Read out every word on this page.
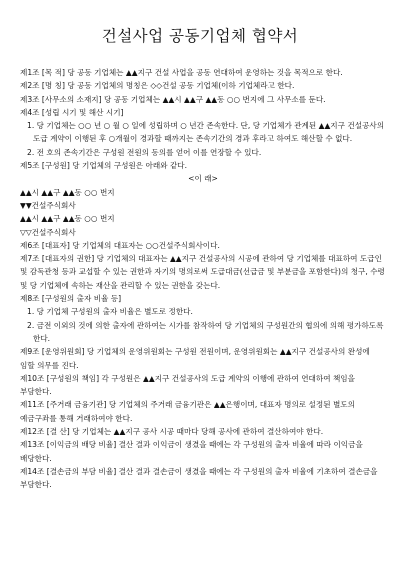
건설사업 공동기업체 협약서

제1조 [목 적] 당 공동 기업체는 ▲▲지구 건설 사업을 공동 연대하여 운영하는 것을 목적으로 한다.

제2조 [명 칭] 당 공동 기업체의 명칭은 ◇◇건설 공동 기업체(이하 기업체라고 한다.

제3조 [사무소의 소재지] 당 공동 기업체는 ▲▲시 ▲▲구 ▲▲동 ○○ 번지에 그 사무소를 둔다.

제4조 [성립 시기 및 해산 시기]

1. 당 기업체는 ○○ 년 ○ 월 ○ 일에 성립하며 ○ 년간 존속한다. 단, 당 기업체가 관계된 ▲▲지구 건설공사의 도급 계약이 이행된 후 ○개월이 경과할 때까지는 존속기간의 경과 후라고 하여도 해산할 수 없다.

2. 전 호의 존속기간은 구성원 전원의 동의를 얻어 이를 연장할 수 있다.

제5조 [구성원] 당 기업체의 구성원은 아래와 같다.

<이 래>

▲▲시 ▲▲구 ▲▲동 ○○ 번지

▼▼건설주식회사

▲▲시 ▲▲구 ▲▲동 ○○ 번지

▽▽건설주식회사

제6조 [대표자] 당 기업체의 대표자는 ○○건설주식회사이다.

제7조 [대표자의 권한] 당 기업체의 대표자는 ▲▲지구 건설공사의 시공에 관하여 당 기업체를 대표하여 도급인 및 감독관청 등과 교섭할 수 있는 권한과 자기의 명의로써 도급대금(선급금 및 부분금을 포함한다)의 청구, 수령 및 당 기업체에 속하는 재산을 관리할 수 있는 권한을 갖는다.

제8조 [구성원의 출자 비율 등]

1. 당 기업체 구성원의 출자 비율은 별도로 정한다.

2. 금전 이외의 것에 의한 출자에 관하여는 시가를 참작하여 당 기업체의 구성원간의 협의에 의해 평가하도록 한다.

제9조 [운영위원회] 당 기업체의 운영위원회는 구성원 전원이며, 운영위원회는 ▲▲지구 건설공사의 완성에 임할 의무를 진다.

제10조 [구성원의 책임] 각 구성원은 ▲▲지구 건설공사의 도급 계약의 이행에 관하여 연대하여 책임을 부담한다.

제11조 [주거래 금융기관] 당 기업체의 주거래 금융기관은 ▲▲은행이며, 대표자 명의로 설정된 별도의 예금구좌를 통해 거래하여야 한다.

제12조 [결 산] 당 기업체는 ▲▲지구 공사 시공 때마다 당해 공사에 관하여 결산하여야 한다.

제13조 [이익금의 배당 비율] 결산 결과 이익금이 생겼을 때에는 각 구성원의 출자 비율에 따라 이익금을 배당한다.

제14조 [결손금의 부담 비율] 결산 결과 결손금이 생겼을 때에는 각 구성원의 출자 비율에 기초하여 결손금을 부담한다.
